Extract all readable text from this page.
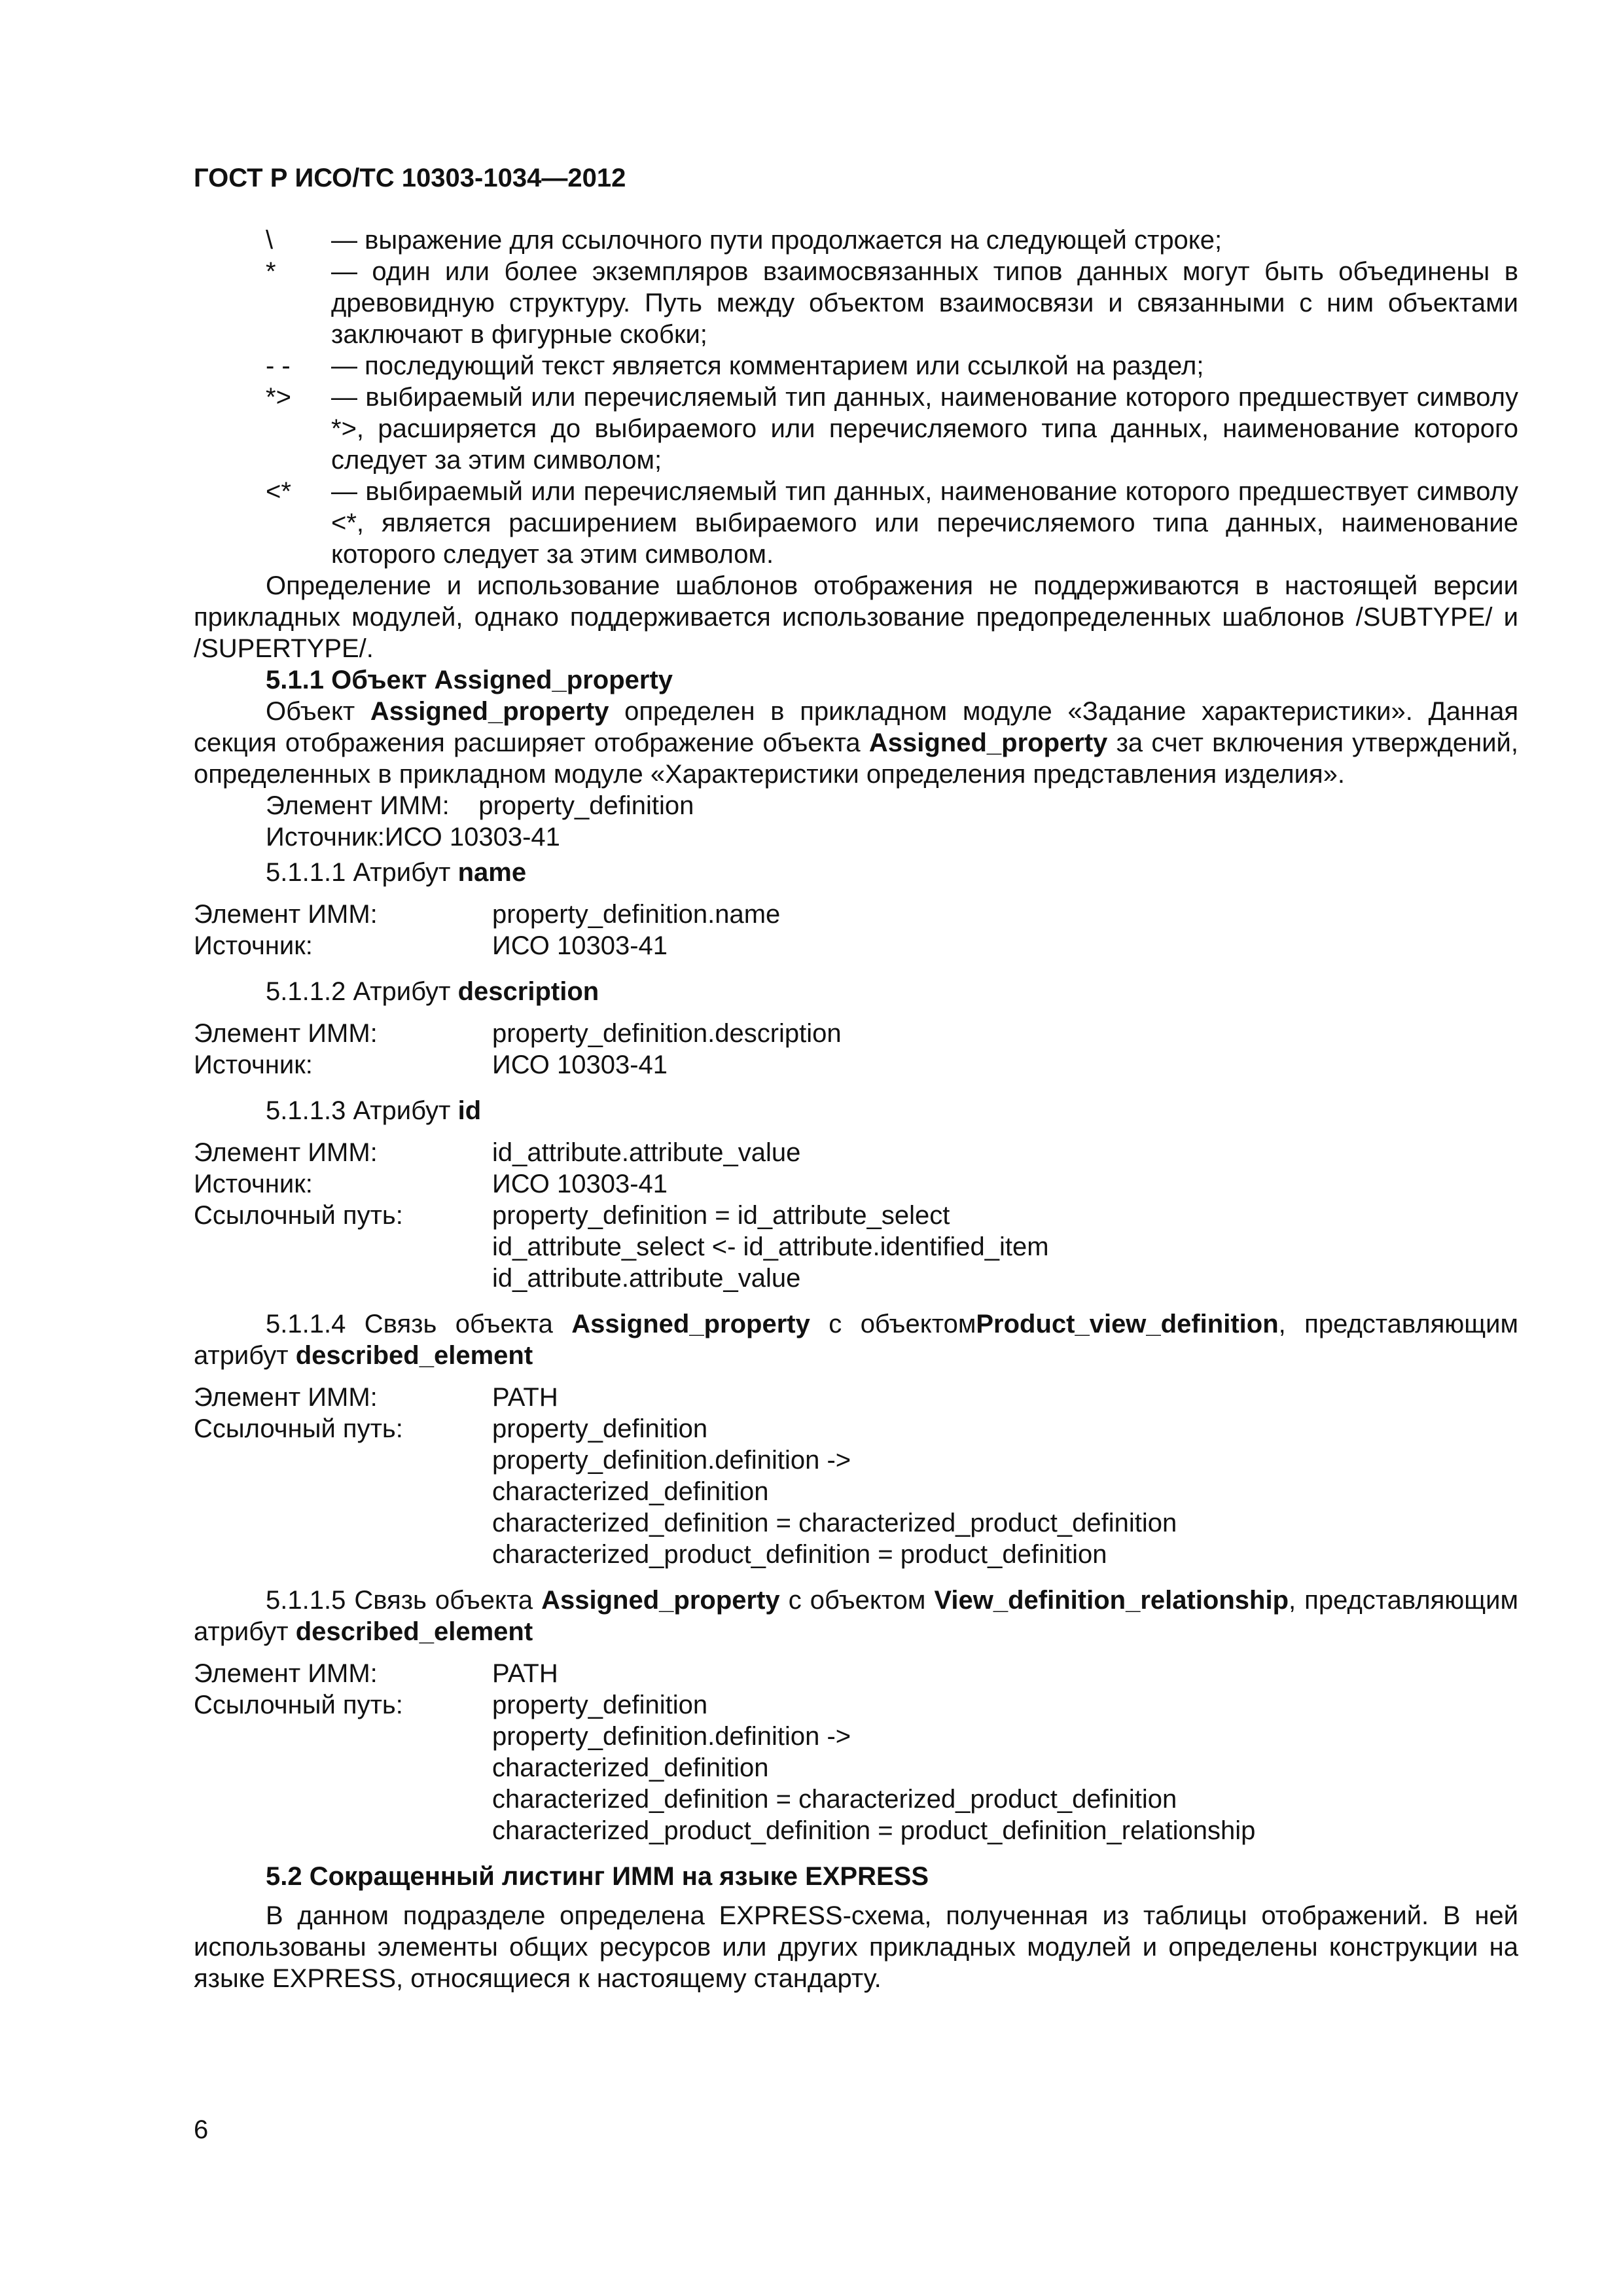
ГОСТ Р ИСО/ТС 10303-1034—2012
\	— выражение для ссылочного пути продолжается на следующей строке;
*	— один или более экземпляров взаимосвязанных типов данных могут быть объединены в древовидную структуру. Путь между объектом взаимосвязи и связанными с ним объектами заключают в фигурные скобки;
- -	— последующий текст является комментарием или ссылкой на раздел;
*>	— выбираемый или перечисляемый тип данных, наименование которого предшествует символу *>, расширяется до выбираемого или перечисляемого типа данных, наименование которого следует за этим символом;
<*	— выбираемый или перечисляемый тип данных, наименование которого предшествует символу <*, является расширением выбираемого или перечисляемого типа данных, наименование которого следует за этим символом.
Определение и использование шаблонов отображения не поддерживаются в настоящей версии прикладных модулей, однако поддерживается использование предопределенных шаблонов /SUBTYPE/ и /SUPERTYPE/.
5.1.1 Объект Assigned_property
Объект Assigned_property определен в прикладном модуле «Задание характеристики». Данная секция отображения расширяет отображение объекта Assigned_property за счет включения утверждений, определенных в прикладном модуле «Характеристики определения представления изделия».
Элемент ИММ:    property_definition
Источник:ИСО 10303-41
5.1.1.1 Атрибут name
Элемент ИММ:	property_definition.name
Источник:	ИСО 10303-41
5.1.1.2 Атрибут description
Элемент ИММ:	property_definition.description
Источник:	ИСО 10303-41
5.1.1.3 Атрибут id
Элемент ИММ:	id_attribute.attribute_value
Источник:	ИСО 10303-41
Ссылочный путь:	property_definition = id_attribute_select
id_attribute_select <- id_attribute.identified_item
id_attribute.attribute_value
5.1.1.4 Связь объекта Assigned_property с объектомProduct_view_definition, представляющим атрибут described_element
Элемент ИММ:	PATH
Ссылочный путь:	property_definition
property_definition.definition ->
characterized_definition
characterized_definition = characterized_product_definition
characterized_product_definition = product_definition
5.1.1.5 Связь объекта Assigned_property с объектом View_definition_relationship, представляющим атрибут described_element
Элемент ИММ:	PATH
Ссылочный путь:	property_definition
property_definition.definition ->
characterized_definition
characterized_definition = characterized_product_definition
characterized_product_definition = product_definition_relationship
5.2 Сокращенный листинг ИММ на языке EXPRESS
В данном подразделе определена EXPRESS-схема, полученная из таблицы отображений. В ней использованы элементы общих ресурсов или других прикладных модулей и определены конструкции на языке EXPRESS, относящиеся к настоящему стандарту.
6
